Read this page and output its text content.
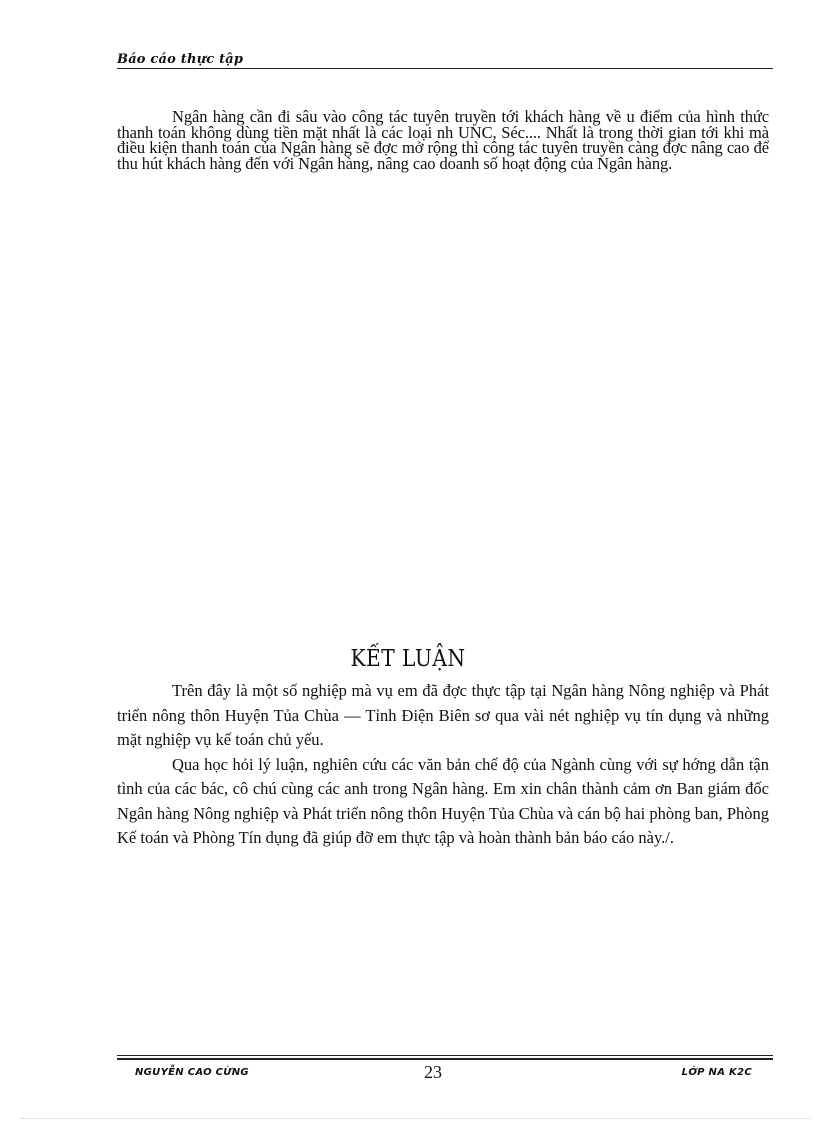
Báo cáo thực tập

Ngân hàng cần đi sâu vào công tác tuyên truyền tới khách hàng về u điểm của hình thức thanh toán không dùng tiền mặt nhất là các loại nh UNC, Séc.... Nhất là trong thời gian tới khi mà điều kiện thanh toán của Ngân hàng sẽ đợc mở rộng thì công tác tuyên truyền càng đợc nâng cao để thu hút khách hàng đến với Ngân hàng, nâng cao doanh số hoạt động của Ngân hàng.

KẾT LUẬN

Trên đây là một số nghiệp mà vụ em đã đợc thực tập tại Ngân hàng Nông nghiệp và Phát triển nông thôn Huyện Tủa Chùa — Tỉnh Điện Biên sơ qua vài nét nghiệp vụ tín dụng và những mặt nghiệp vụ kế toán chủ yếu.

Qua học hỏi lý luận, nghiên cứu các văn bản chế độ của Ngành cùng với sự hớng dẫn tận tình của các bác, cô chú cùng các anh trong Ngân hàng. Em xin chân thành cảm ơn Ban giám đốc Ngân hàng Nông nghiệp và Phát triển nông thôn Huyện Tủa Chùa và cán bộ hai phòng ban, Phòng Kế toán và Phòng Tín dụng đã giúp đỡ em thực tập và hoàn thành bản báo cáo này./.

NGUYỄN CAO CỪNG	23	LỚP NA K2C
